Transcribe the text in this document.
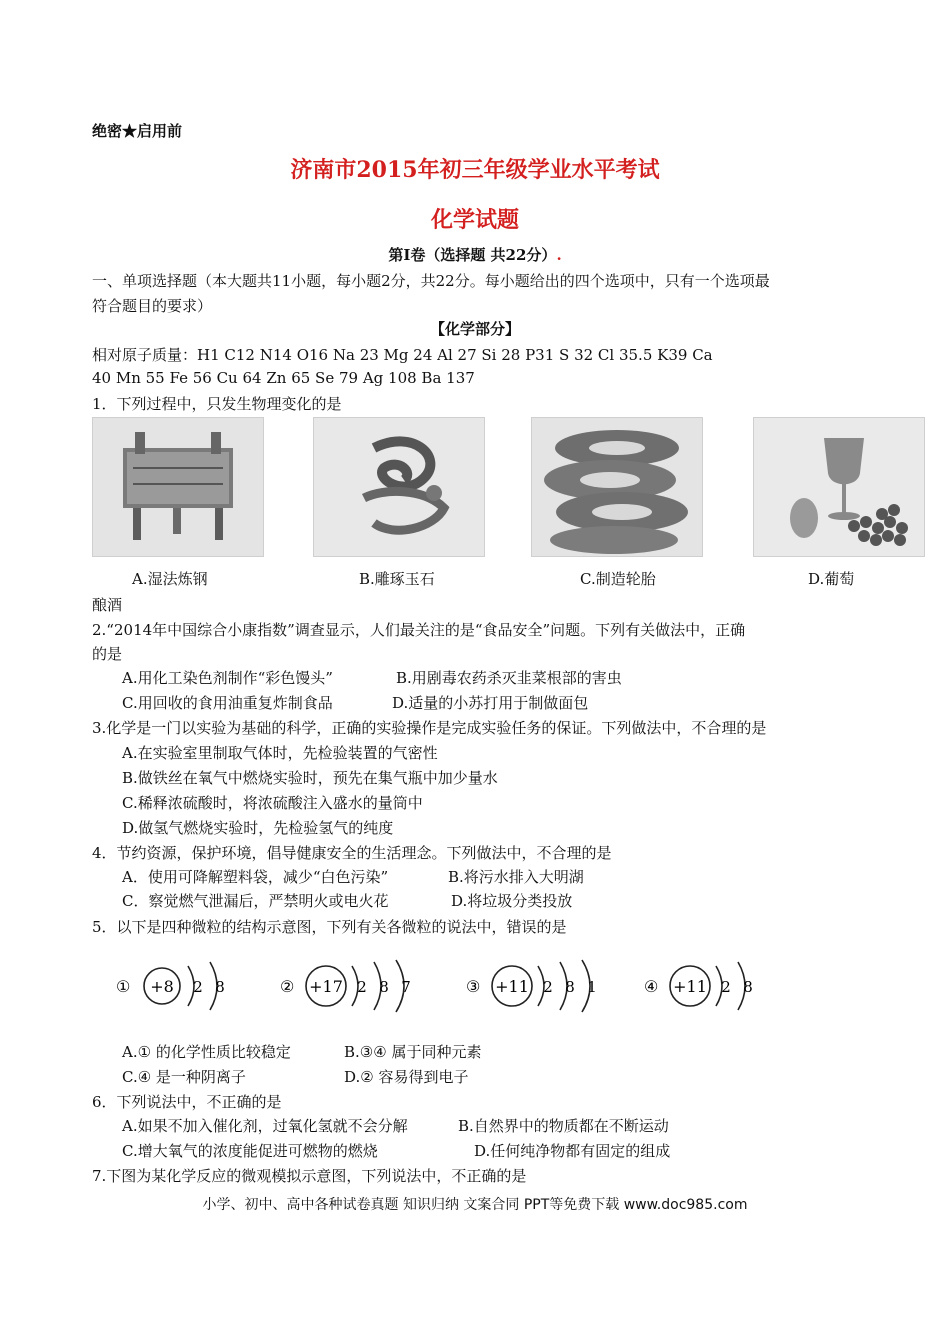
绝密★启用前
济南市2015年初三年级学业水平考试
化学试题
第Ⅰ卷（选择题 共22分）.
一、单项选择题（本大题共11小题，每小题2分，共22分。每小题给出的四个选项中，只有一个选项最
符合题目的要求）
【化学部分】
相对原子质量：H1 C12 N14 O16 Na 23 Mg 24 Al 27 Si 28 P31 S 32 Cl 35.5 K39 Ca
40 Mn 55 Fe 56 Cu 64 Zn 65 Se 79 Ag 108 Ba 137
1．下列过程中，只发生物理变化的是
A.湿法炼钢	B.雕琢玉石	C.制造轮胎	D.葡萄
酿酒
2.“2014年中国综合小康指数”调查显示，人们最关注的是“食品安全”问题。下列有关做法中，正确
的是
A.用化工染色剂制作“彩色馒头”	B.用剧毒农药杀灭韭菜根部的害虫
C.用回收的食用油重复炸制食品	D.适量的小苏打用于制做面包
3.化学是一门以实验为基础的科学，正确的实验操作是完成实验任务的保证。下列做法中，不合理的是
A.在实验室里制取气体时，先检验装置的气密性
B.做铁丝在氧气中燃烧实验时，预先在集气瓶中加少量水
C.稀释浓硫酸时，将浓硫酸注入盛水的量筒中
D.做氢气燃烧实验时，先检验氢气的纯度
4．节约资源，保护环境，倡导健康安全的生活理念。下列做法中，不合理的是
A．使用可降解塑料袋，减少“白色污染”	B.将污水排入大明湖
C．察觉燃气泄漏后，严禁明火或电火花	D.将垃圾分类投放
5．以下是四种微粒的结构示意图，下列有关各微粒的说法中，错误的是
① +8 2 8	② +17 2 8 7	③ +11 2 8 1	④ +11 2 8
A.① 的化学性质比较稳定	B.③④ 属于同种元素
C.④ 是一种阴离子	D.② 容易得到电子
6．下列说法中，不正确的是
A.如果不加入催化剂，过氧化氢就不会分解	B.自然界中的物质都在不断运动
C.增大氧气的浓度能促进可燃物的燃烧	D.任何纯净物都有固定的组成
7.下图为某化学反应的微观模拟示意图，下列说法中，不正确的是
小学、初中、高中各种试卷真题 知识归纳 文案合同 PPT等免费下载 www.doc985.com
